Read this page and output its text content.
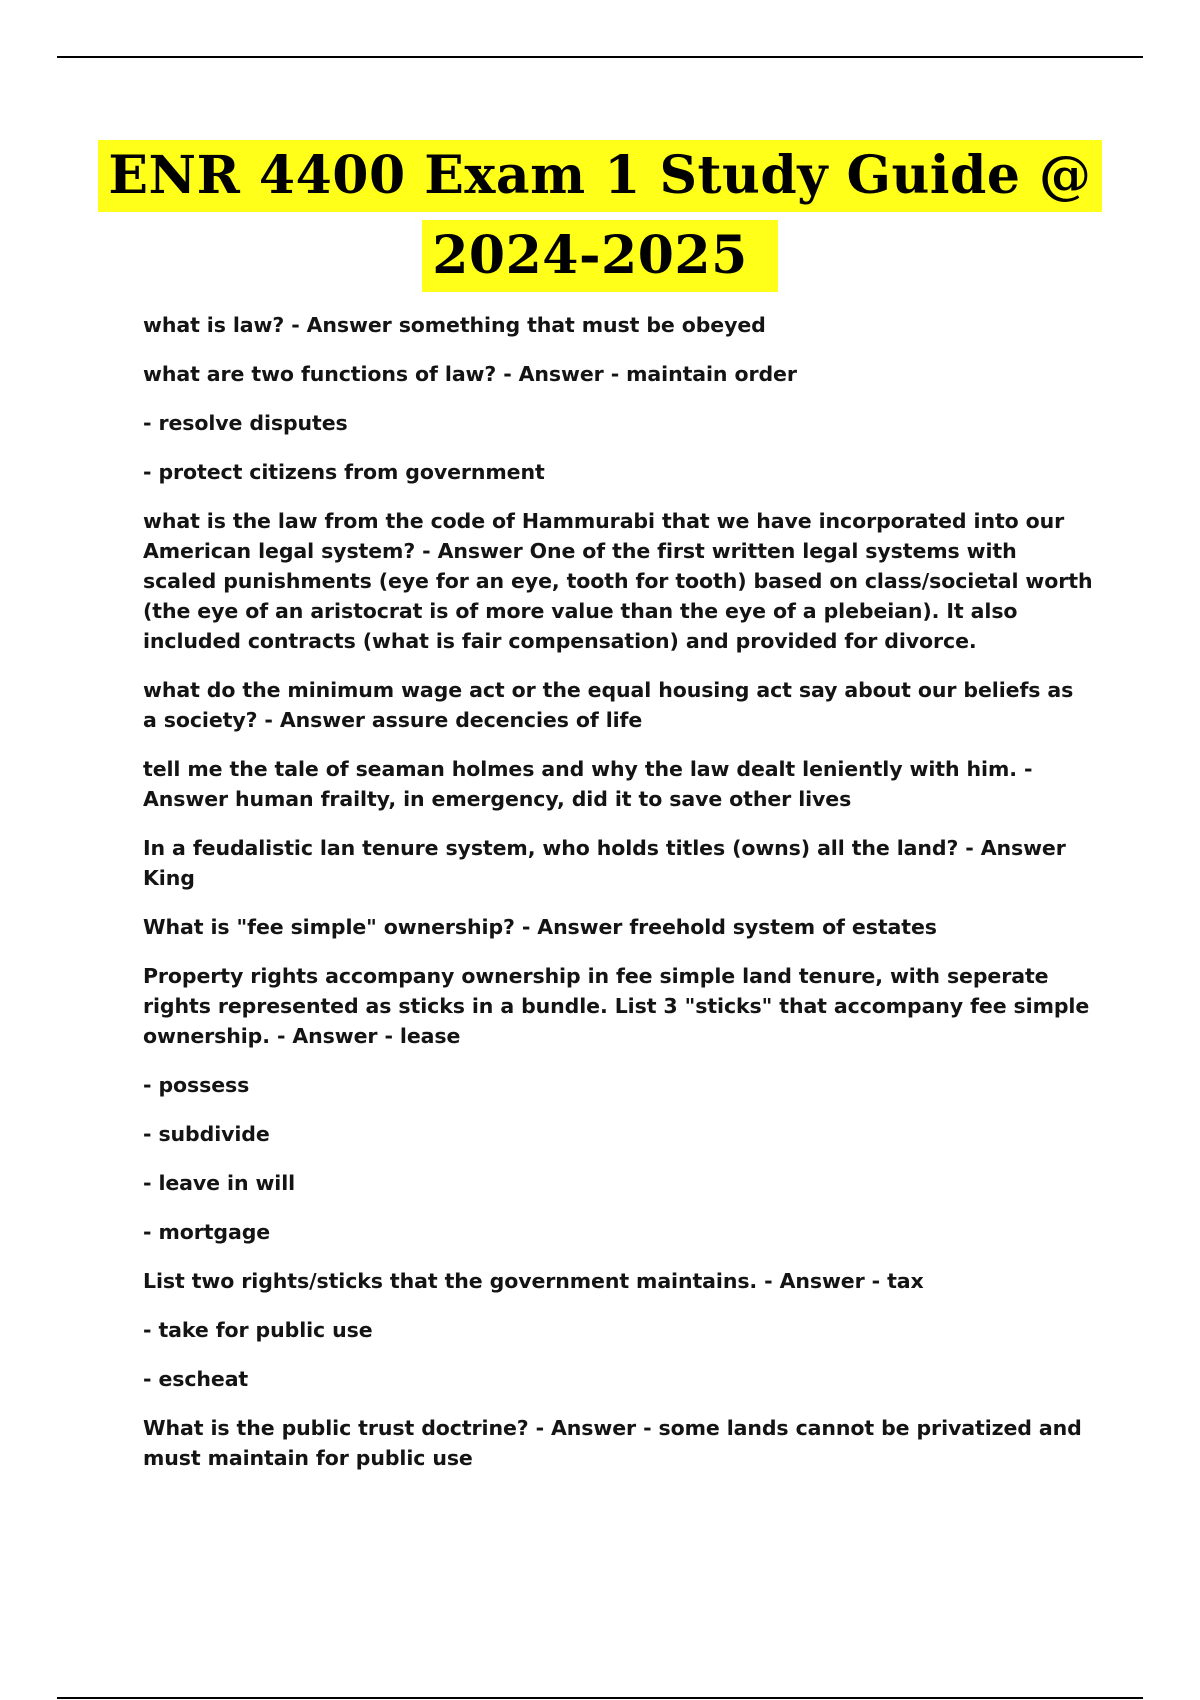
ENR 4400 Exam 1 Study Guide @
2024-2025

what is law? - Answer something that must be obeyed

what are two functions of law? - Answer - maintain order

- resolve disputes

- protect citizens from government

what is the law from the code of Hammurabi that we have incorporated into our American legal system? - Answer One of the first written legal systems with scaled punishments (eye for an eye, tooth for tooth) based on class/societal worth (the eye of an aristocrat is of more value than the eye of a plebeian). It also included contracts (what is fair compensation) and provided for divorce.

what do the minimum wage act or the equal housing act say about our beliefs as a society? - Answer assure decencies of life

tell me the tale of seaman holmes and why the law dealt leniently with him. - Answer human frailty, in emergency, did it to save other lives

In a feudalistic lan tenure system, who holds titles (owns) all the land? - Answer King

What is "fee simple" ownership? - Answer freehold system of estates

Property rights accompany ownership in fee simple land tenure, with seperate rights represented as sticks in a bundle. List 3 "sticks" that accompany fee simple ownership. - Answer - lease

- possess

- subdivide

- leave in will

- mortgage

List two rights/sticks that the government maintains. - Answer - tax

- take for public use

- escheat

What is the public trust doctrine? - Answer - some lands cannot be privatized and must maintain for public use
